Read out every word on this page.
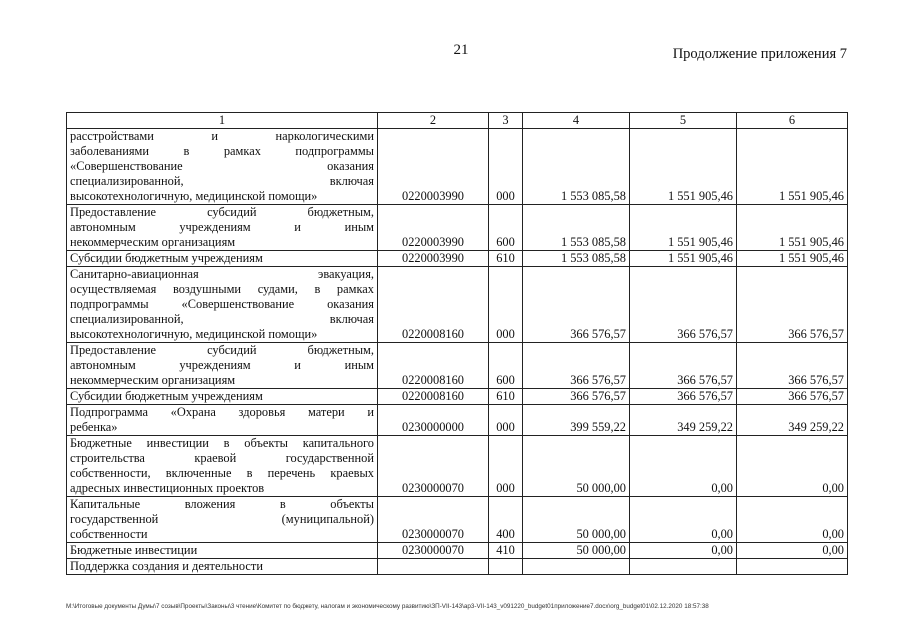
21	Продолжение приложения 7
1	2	3	4	5	6

расстройствами и наркологическими
заболеваниями в рамках подпрограммы
«Совершенствование оказания
специализированной, включая
высокотехнологичную, медицинской помощи»	0220003990	000	1 553 085,58	1 551 905,46	1 551 905,46

Предоставление субсидий бюджетным,
автономным учреждениям и иным
некоммерческим организациям	0220003990	600	1 553 085,58	1 551 905,46	1 551 905,46

Субсидии бюджетным учреждениям	0220003990	610	1 553 085,58	1 551 905,46	1 551 905,46

Санитарно-авиационная эвакуация,
осуществляемая воздушными судами, в рамках
подпрограммы «Совершенствование оказания
специализированной, включая
высокотехнологичную, медицинской помощи»	0220008160	000	366 576,57	366 576,57	366 576,57

Предоставление субсидий бюджетным,
автономным учреждениям и иным
некоммерческим организациям	0220008160	600	366 576,57	366 576,57	366 576,57

Субсидии бюджетным учреждениям	0220008160	610	366 576,57	366 576,57	366 576,57

Подпрограмма «Охрана здоровья матери и
ребенка»	0230000000	000	399 559,22	349 259,22	349 259,22

Бюджетные инвестиции в объекты капитального
строительства краевой государственной
собственности, включенные в перечень краевых
адресных инвестиционных проектов	0230000070	000	50 000,00	0,00	0,00

Капитальные вложения в объекты
государственной (муниципальной)
собственности	0230000070	400	50 000,00	0,00	0,00

Бюджетные инвестиции	0230000070	410	50 000,00	0,00	0,00

Поддержка создания и деятельности					

M:\Итоговые документы Думы\7 созыв\Проекты\Законы\3 чтение\Комитет по бюджету, налогам и экономическому развитию\ЗП-VII-143\ap3-VII-143_v091220_budget01приложение7.docx\org_budget01\02.12.2020 18:57:38
